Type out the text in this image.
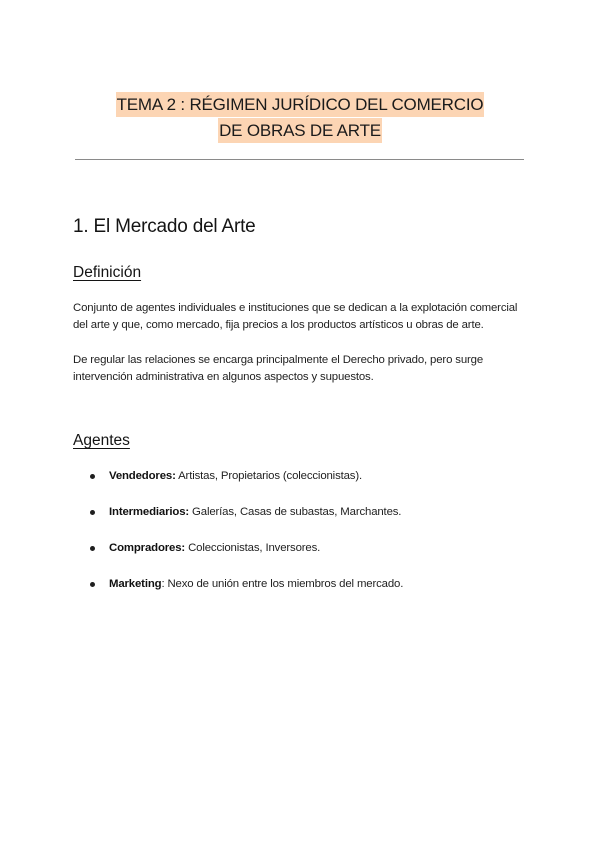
TEMA 2 : RÉGIMEN JURÍDICO DEL COMERCIO
DE OBRAS DE ARTE
1. El Mercado del Arte
Definición

Conjunto de agentes individuales e instituciones que se dedican a la explotación comercial del arte y que, como mercado, fija precios a los productos artísticos u obras de arte.

De regular las relaciones se encarga principalmente el Derecho privado, pero surge intervención administrativa en algunos aspectos y supuestos.

Agentes
Vendedores: Artistas, Propietarios (coleccionistas).
Intermediarios: Galerías, Casas de subastas, Marchantes.
Compradores: Coleccionistas, Inversores.
Marketing: Nexo de unión entre los miembros del mercado.
